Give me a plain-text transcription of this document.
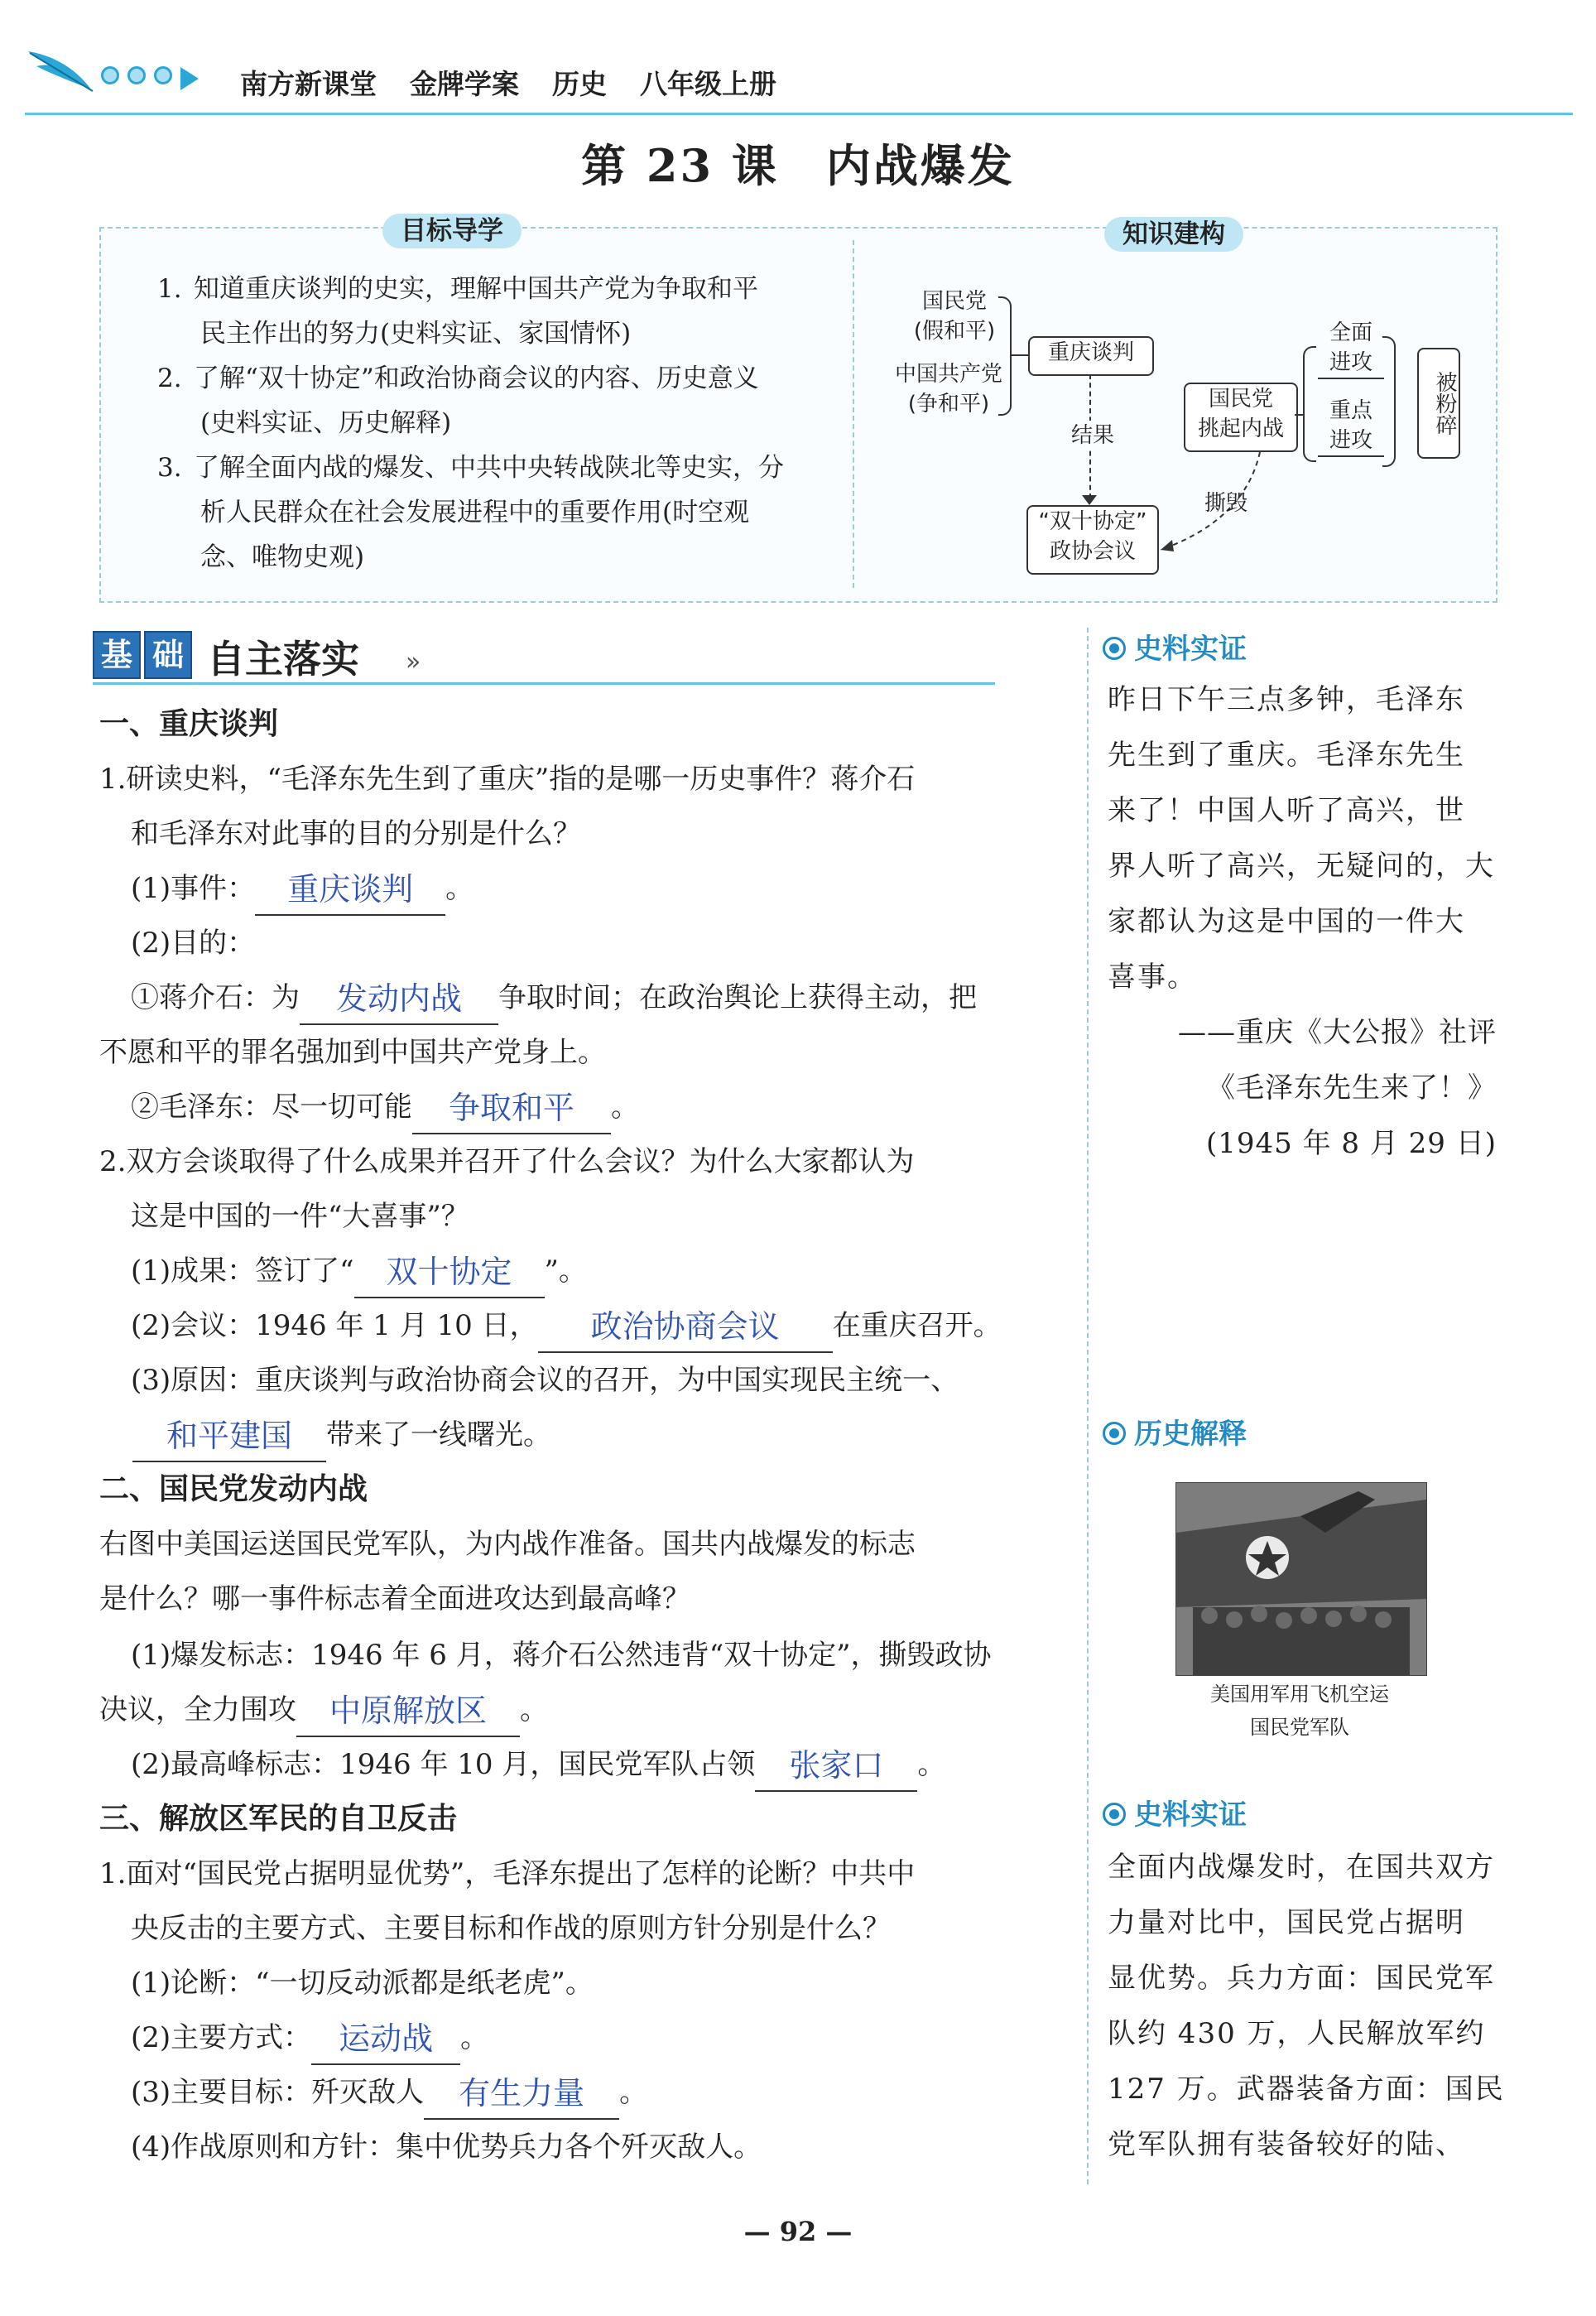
南方新课堂 金牌学案 历史 八年级上册
第 23 课　内战爆发
目标导学	知识建构
1. 知道重庆谈判的史实，理解中国共产党为争取和平
民主作出的努力(史料实证、家国情怀)
2. 了解“双十协定”和政治协商会议的内容、历史意义
(史料实证、历史解释)
3. 了解全面内战的爆发、中共中央转战陕北等史实，分
析人民群众在社会发展进程中的重要作用(时空观
念、唯物史观)
国民党
(假和平)
中国共产党
(争和平)
重庆谈判
结果
“双十协定”
政协会议
国民党
挑起内战
撕毁
全面
进攻
重点
进攻
被粉碎
基 础 自主落实 »
一、重庆谈判
1.研读史料，“毛泽东先生到了重庆”指的是哪一历史事件？蒋介石
和毛泽东对此事的目的分别是什么？
(1)事件：	重庆谈判	。
(2)目的：
①蒋介石：为	发动内战	争取时间；在政治舆论上获得主动，把
不愿和平的罪名强加到中国共产党身上。
②毛泽东：尽一切可能	争取和平	。
2.双方会谈取得了什么成果并召开了什么会议？为什么大家都认为
这是中国的一件“大喜事”？
(1)成果：签订了“	双十协定	”。
(2)会议：1946 年 1 月 10 日，	政治协商会议	在重庆召开。
(3)原因：重庆谈判与政治协商会议的召开，为中国实现民主统一、
和平建国	带来了一线曙光。
二、国民党发动内战
右图中美国运送国民党军队，为内战作准备。国共内战爆发的标志
是什么？哪一事件标志着全面进攻达到最高峰？
(1)爆发标志：1946 年 6 月，蒋介石公然违背“双十协定”，撕毁政协
决议，全力围攻	中原解放区	。
(2)最高峰标志：1946 年 10 月，国民党军队占领	张家口	。
三、解放区军民的自卫反击
1.面对“国民党占据明显优势”，毛泽东提出了怎样的论断？中共中
央反击的主要方式、主要目标和作战的原则方针分别是什么？
(1)论断：“一切反动派都是纸老虎”。
(2)主要方式： 运动战 。
(3)主要目标：歼灭敌人	有生力量	。
(4)作战原则和方针：集中优势兵力各个歼灭敌人。
史料实证
昨日下午三点多钟，毛泽东
先生到了重庆。毛泽东先生
来了！中国人听了高兴，世
界人听了高兴，无疑问的，大
家都认为这是中国的一件大
喜事。
——重庆《大公报》社评
《毛泽东先生来了！》
(1945 年 8 月 29 日)
历史解释
美国用军用飞机空运
国民党军队
史料实证
全面内战爆发时，在国共双方
力量对比中，国民党占据明
显优势。兵力方面：国民党军
队约 430 万，人民解放军约
127 万。武器装备方面：国民
党军队拥有装备较好的陆、
— 92 —
